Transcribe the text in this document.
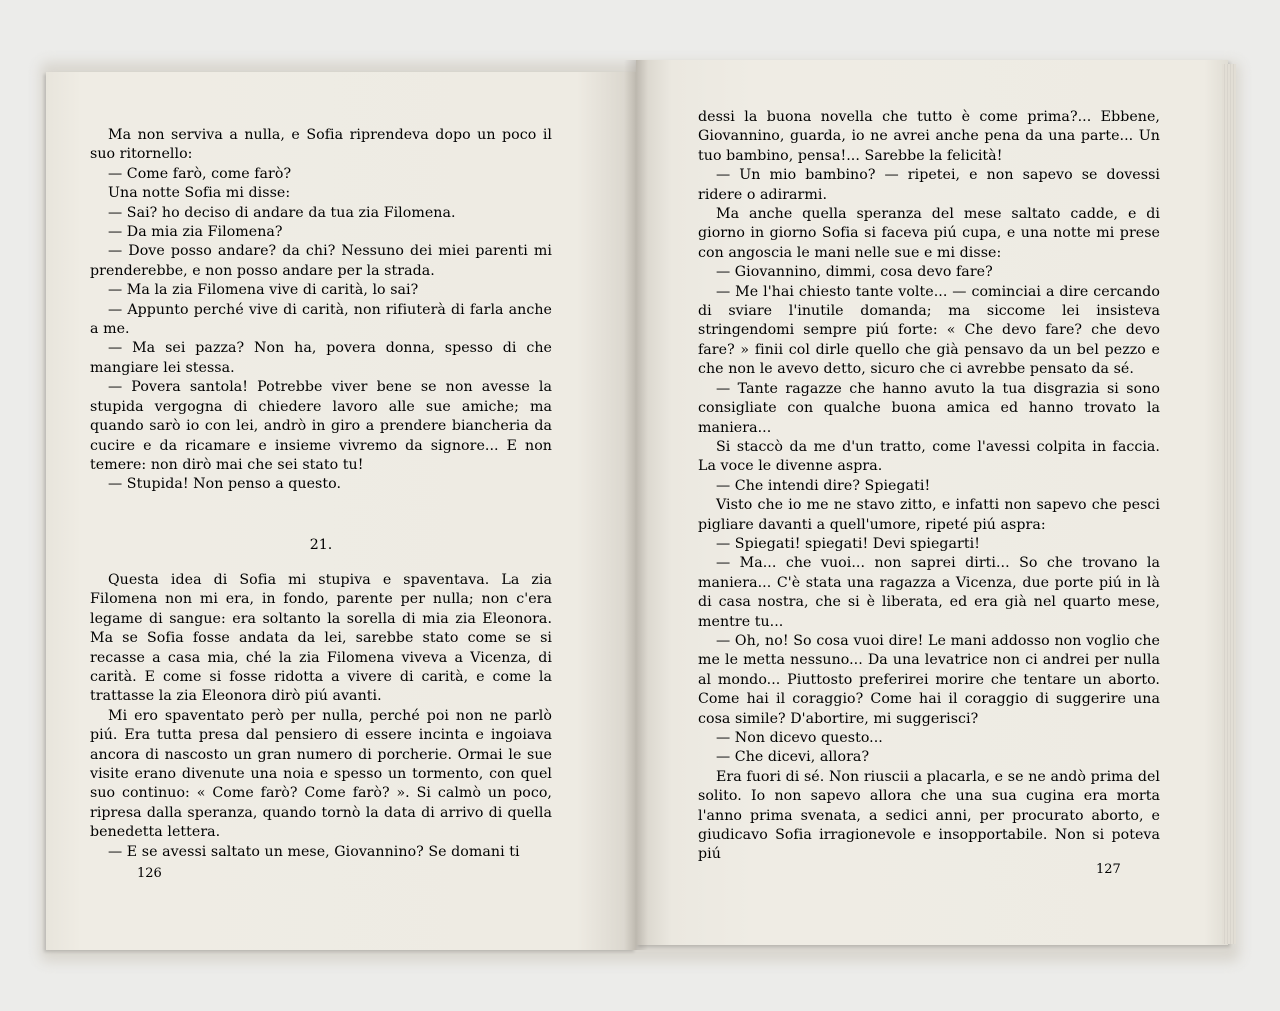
Ma non serviva a nulla, e Sofia riprendeva dopo un poco il suo ritornello:

— Come farò, come farò?

Una notte Sofia mi disse:

— Sai? ho deciso di andare da tua zia Filomena.

— Da mia zia Filomena?

— Dove posso andare? da chi? Nessuno dei miei parenti mi prenderebbe, e non posso andare per la strada.

— Ma la zia Filomena vive di carità, lo sai?

— Appunto perché vive di carità, non rifiuterà di farla anche a me.

— Ma sei pazza? Non ha, povera donna, spesso di che mangiare lei stessa.

— Povera santola! Potrebbe viver bene se non avesse la stupida vergogna di chiedere lavoro alle sue amiche; ma quando sarò io con lei, andrò in giro a prendere biancheria da cucire e da ricamare e insieme vivremo da signore... E non temere: non dirò mai che sei stato tu!

— Stupida! Non penso a questo.

21.

Questa idea di Sofia mi stupiva e spaventava. La zia Filomena non mi era, in fondo, parente per nulla; non c'era legame di sangue: era soltanto la sorella di mia zia Eleonora. Ma se Sofia fosse andata da lei, sarebbe stato come se si recasse a casa mia, ché la zia Filomena viveva a Vicenza, di carità. E come si fosse ridotta a vivere di carità, e come la trattasse la zia Eleonora dirò piú avanti.

Mi ero spaventato però per nulla, perché poi non ne parlò piú. Era tutta presa dal pensiero di essere incinta e ingoiava ancora di nascosto un gran numero di porcherie. Ormai le sue visite erano divenute una noia e spesso un tormento, con quel suo continuo: « Come farò? Come farò? ». Si calmò un poco, ripresa dalla speranza, quando tornò la data di arrivo di quella benedetta lettera.

— E se avessi saltato un mese, Giovannino? Se domani ti

126

dessi la buona novella che tutto è come prima?... Ebbene, Giovannino, guarda, io ne avrei anche pena da una parte... Un tuo bambino, pensa!... Sarebbe la felicità!

— Un mio bambino? — ripetei, e non sapevo se dovessi ridere o adirarmi.

Ma anche quella speranza del mese saltato cadde, e di giorno in giorno Sofia si faceva piú cupa, e una notte mi prese con angoscia le mani nelle sue e mi disse:

— Giovannino, dimmi, cosa devo fare?

— Me l'hai chiesto tante volte... — cominciai a dire cercando di sviare l'inutile domanda; ma siccome lei insisteva stringendomi sempre piú forte: « Che devo fare? che devo fare? » finii col dirle quello che già pensavo da un bel pezzo e che non le avevo detto, sicuro che ci avrebbe pensato da sé.

— Tante ragazze che hanno avuto la tua disgrazia si sono consigliate con qualche buona amica ed hanno trovato la maniera...

Si staccò da me d'un tratto, come l'avessi colpita in faccia. La voce le divenne aspra.

— Che intendi dire? Spiegati!

Visto che io me ne stavo zitto, e infatti non sapevo che pesci pigliare davanti a quell'umore, ripeté piú aspra:

— Spiegati! spiegati! Devi spiegarti!

— Ma... che vuoi... non saprei dirti... So che trovano la maniera... C'è stata una ragazza a Vicenza, due porte piú in là di casa nostra, che si è liberata, ed era già nel quarto mese, mentre tu...

— Oh, no! So cosa vuoi dire! Le mani addosso non voglio che me le metta nessuno... Da una levatrice non ci andrei per nulla al mondo... Piuttosto preferirei morire che tentare un aborto. Come hai il coraggio? Come hai il coraggio di suggerire una cosa simile? D'abortire, mi suggerisci?

— Non dicevo questo...

— Che dicevi, allora?

Era fuori di sé. Non riuscii a placarla, e se ne andò prima del solito. Io non sapevo allora che una sua cugina era morta l'anno prima svenata, a sedici anni, per procurato aborto, e giudicavo Sofia irragionevole e insopportabile. Non si poteva piú

127
